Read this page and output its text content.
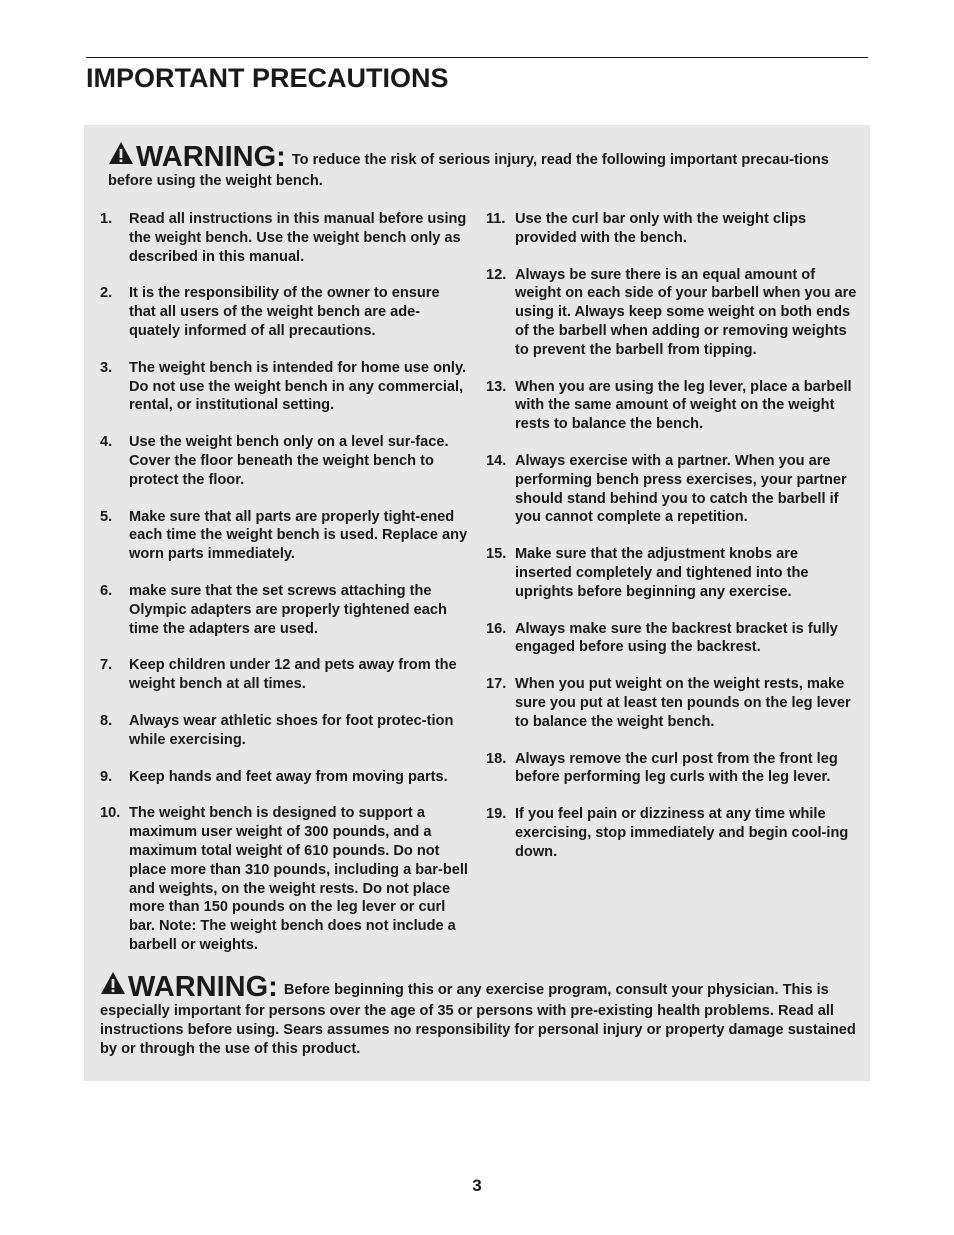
IMPORTANT PRECAUTIONS
WARNING: To reduce the risk of serious injury, read the following important precau-tions before using the weight bench.
1.	Read all instructions in this manual before using the weight bench. Use the weight bench only as described in this manual.
2.	It is the responsibility of the owner to ensure that all users of the weight bench are ade-quately informed of all precautions.
3.	The weight bench is intended for home use only. Do not use the weight bench in any commercial, rental, or institutional setting.
4.	Use the weight bench only on a level sur-face. Cover the floor beneath the weight bench to protect the floor.
5.	Make sure that all parts are properly tight-ened each time the weight bench is used. Replace any worn parts immediately.
6.	make sure that the set screws attaching the Olympic adapters are properly tightened each time the adapters are used.
7.	Keep children under 12 and pets away from the weight bench at all times.
8.	Always wear athletic shoes for foot protec-tion while exercising.
9.	Keep hands and feet away from moving parts.
10. The weight bench is designed to support a maximum user weight of 300 pounds, and a maximum total weight of 610 pounds. Do not place more than 310 pounds, including a bar-bell and weights, on the weight rests. Do not place more than 150 pounds on the leg lever or curl bar. Note: The weight bench does not include a barbell or weights.
11. Use the curl bar only with the weight clips provided with the bench.
12. Always be sure there is an equal amount of weight on each side of your barbell when you are using it. Always keep some weight on both ends of the barbell when adding or removing weights to prevent the barbell from tipping.
13. When you are using the leg lever, place a barbell with the same amount of weight on the weight rests to balance the bench.
14. Always exercise with a partner. When you are performing bench press exercises, your partner should stand behind you to catch the barbell if you cannot complete a repetition.
15. Make sure that the adjustment knobs are inserted completely and tightened into the uprights before beginning any exercise.
16. Always make sure the backrest bracket is fully engaged before using the backrest.
17. When you put weight on the weight rests, make sure you put at least ten pounds on the leg lever to balance the weight bench.
18. Always remove the curl post from the front leg before performing leg curls with the leg lever.
19. If you feel pain or dizziness at any time while exercising, stop immediately and begin cool-ing down.
WARNING: Before beginning this or any exercise program, consult your physician. This is especially important for persons over the age of 35 or persons with pre-existing health problems. Read all instructions before using. Sears assumes no responsibility for personal injury or property damage sustained by or through the use of this product.
3
